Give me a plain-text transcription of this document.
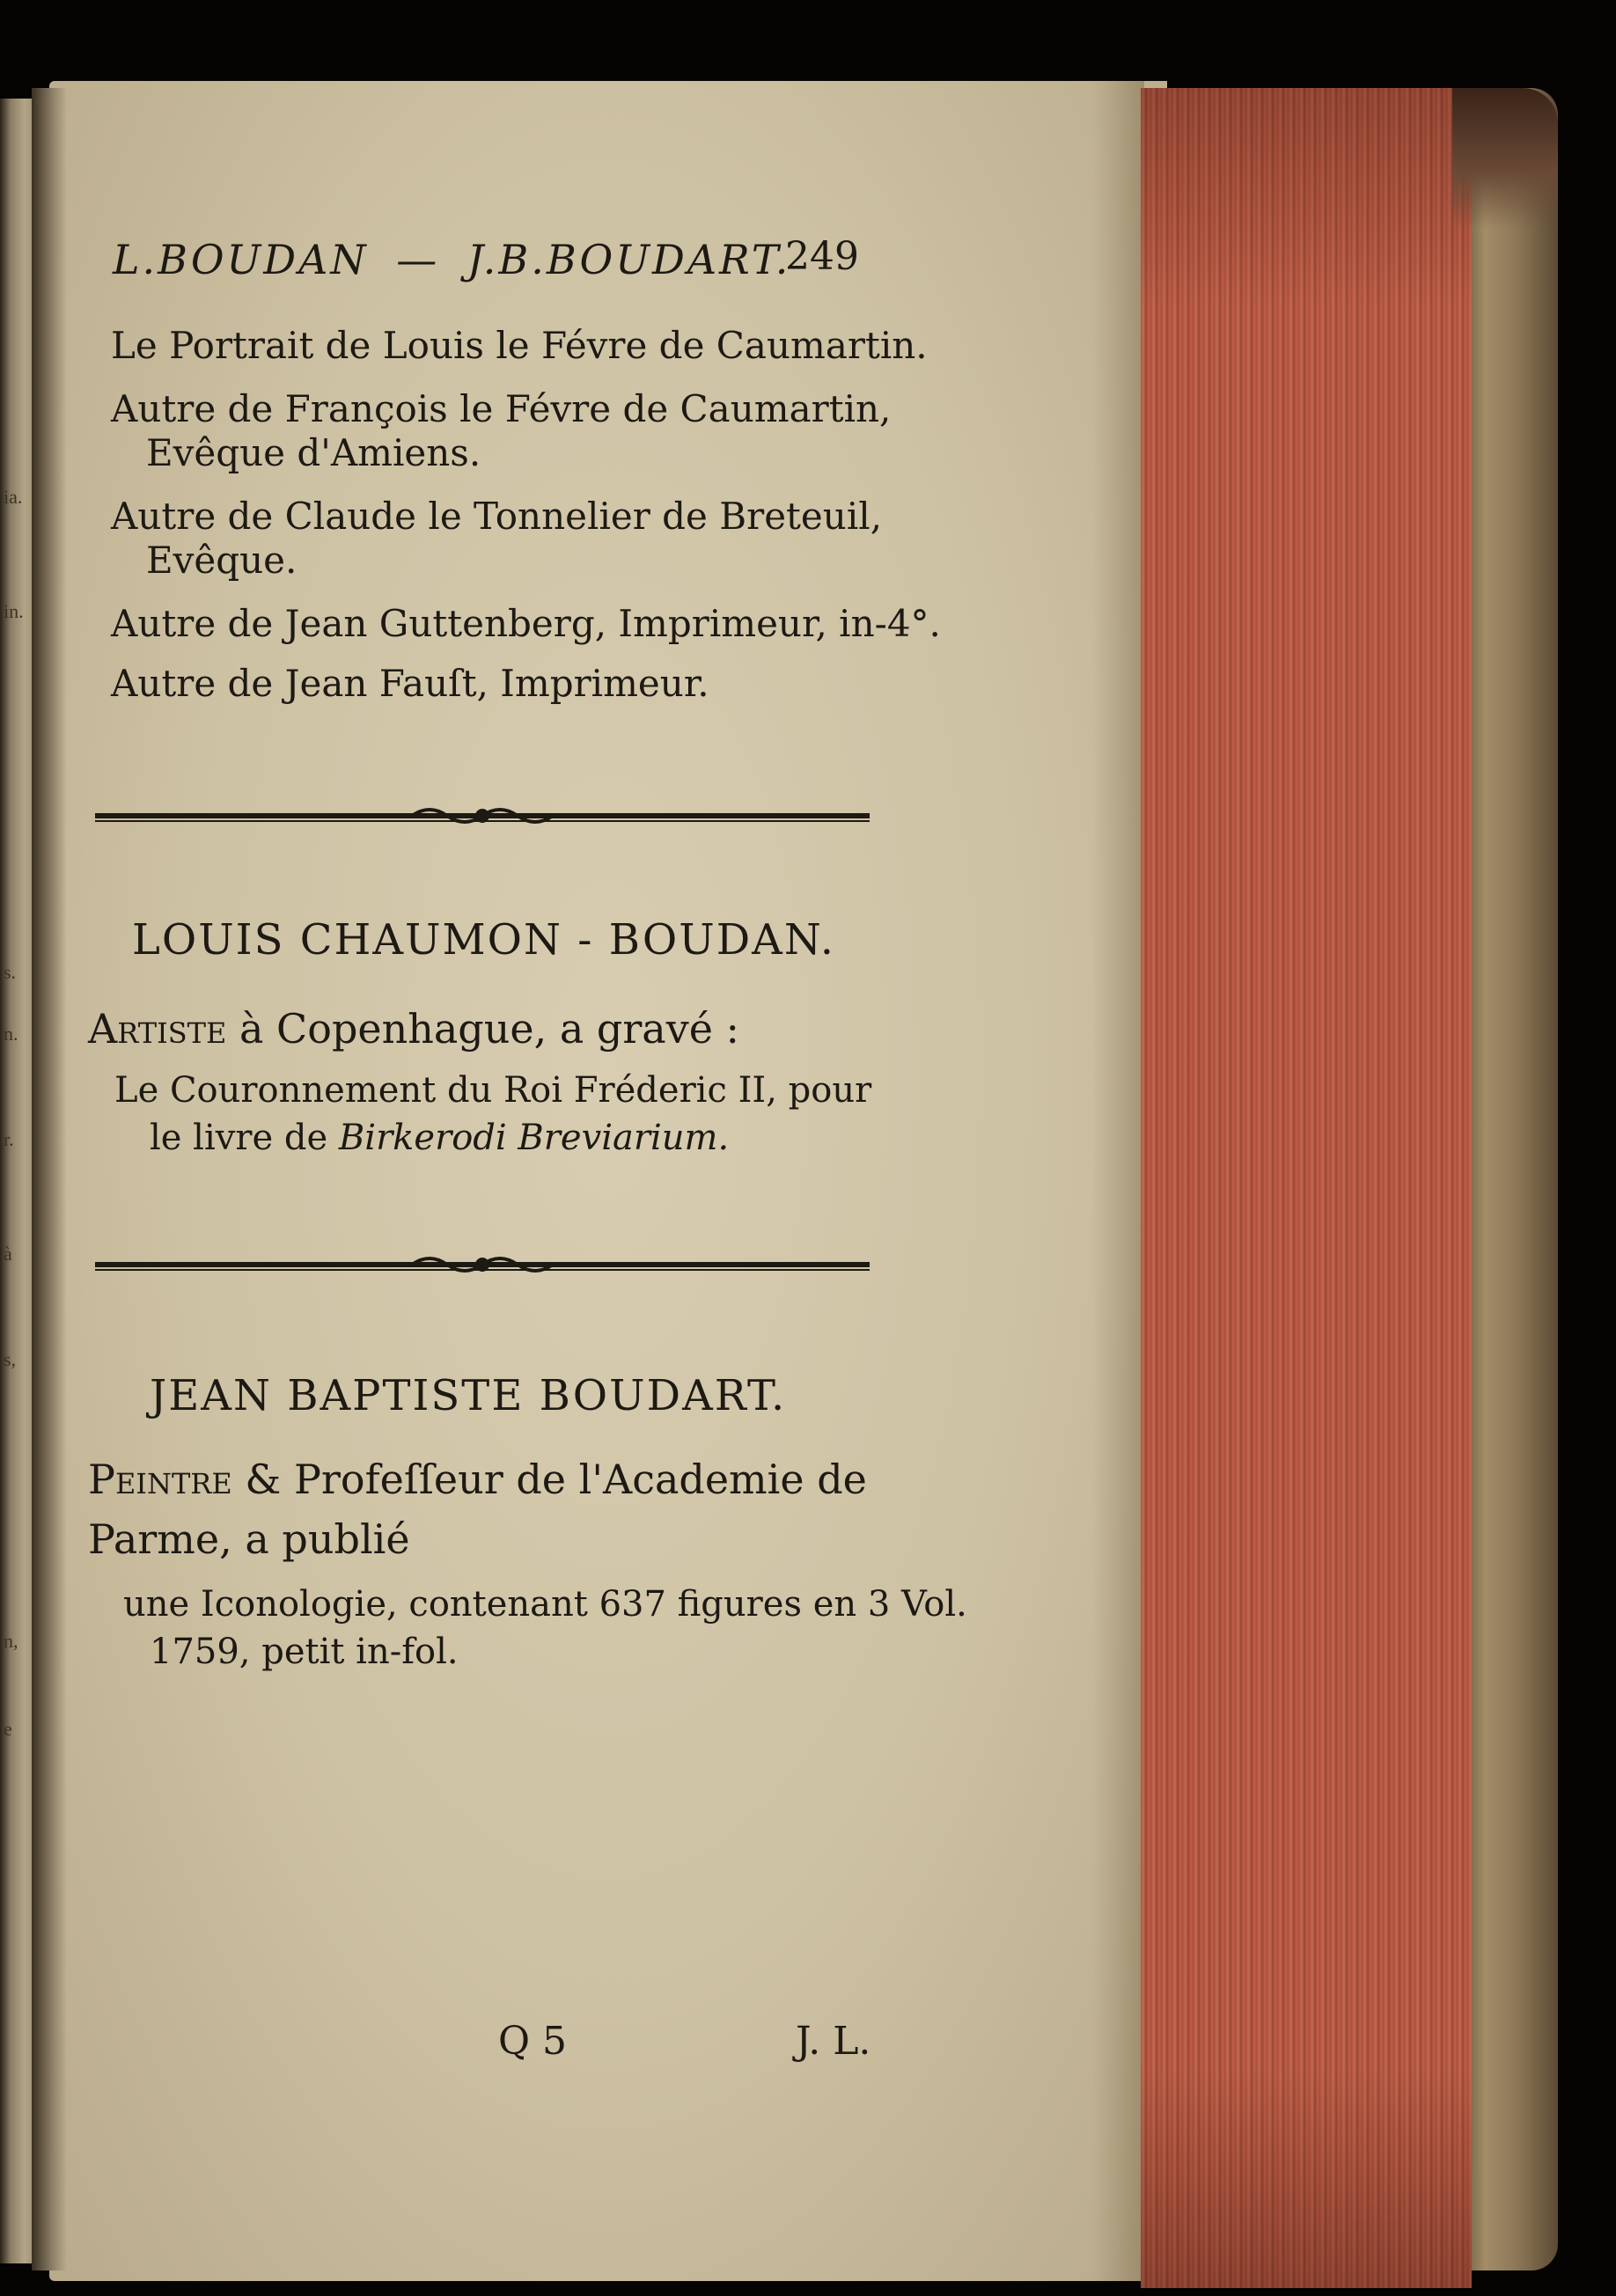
ia.
in.
s.
n.
r.
à
s,
n,
e
L.BOUDAN — J.B.BOUDART.
249
Le Portrait de Louis le Févre de Caumartin.
Autre de François le Févre de Caumartin,
Evêque d'Amiens.
Autre de Claude le Tonnelier de Breteuil,
Evêque.
Autre de Jean Guttenberg, Imprimeur, in-4°.
Autre de Jean Fauſt, Imprimeur.
LOUIS CHAUMON - BOUDAN.
Artiste à Copenhague, a gravé :
Le Couronnement du Roi Fréderic II, pour
le livre de Birkerodi Breviarium.
JEAN BAPTISTE BOUDART.
Peintre & Profeſſeur de l'Academie de
Parme, a publié
une Iconologie, contenant 637 figures en 3 Vol.
1759, petit in-fol.
Q 5	J. L.
